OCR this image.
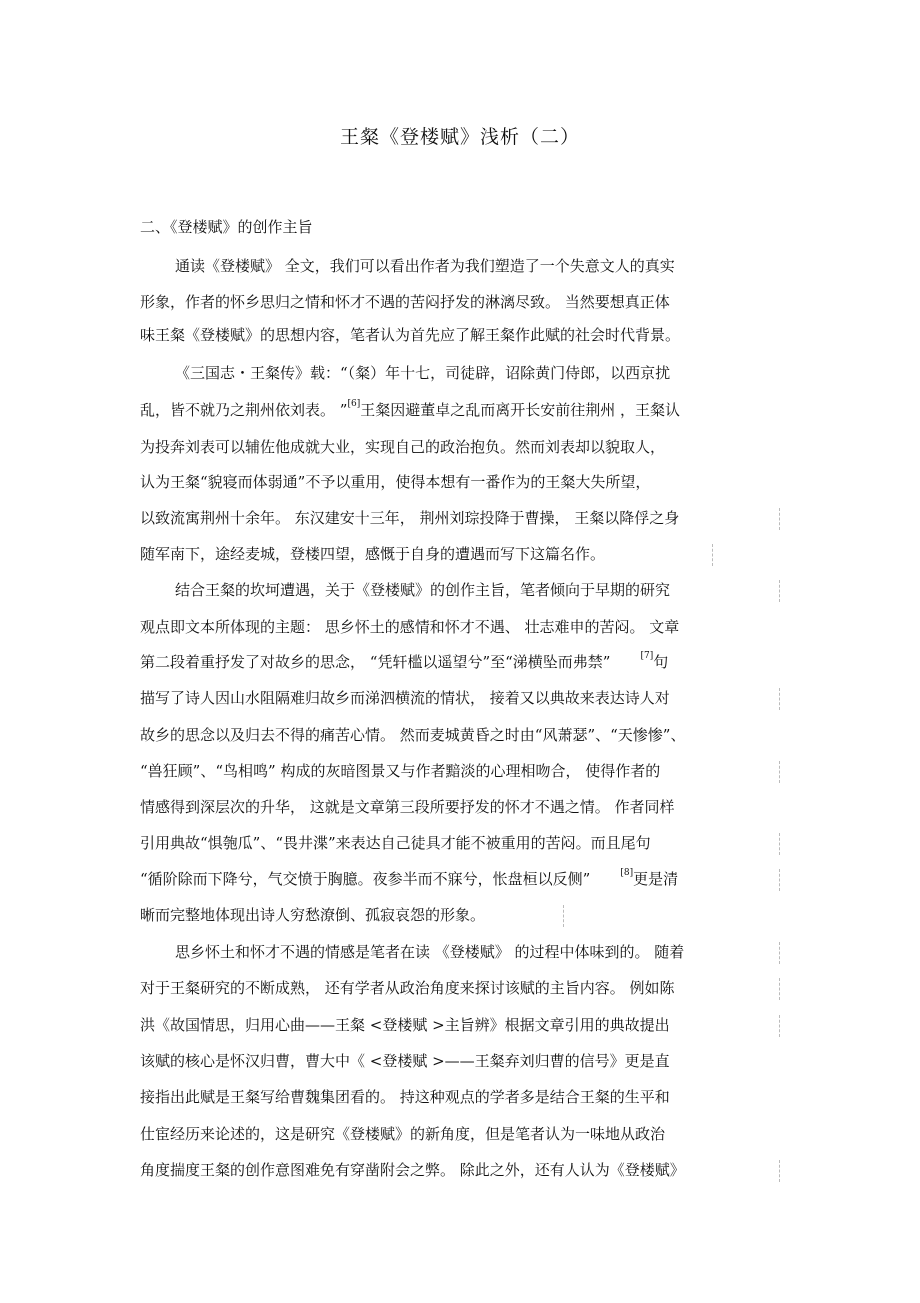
王粲《登楼赋》浅析（二）
二、《登楼赋》的创作主旨
通读《登楼赋》 全文，我们可以看出作者为我们塑造了一个失意文人的真实
形象，作者的怀乡思归之情和怀才不遇的苦闷抒发的淋漓尽致。 当然要想真正体
味王粲《登楼赋》的思想内容，笔者认为首先应了解王粲作此赋的社会时代背景。
《三国志・王粲传》载：“（粲）年十七，司徒辟，诏除黄门侍郎，以西京扰
乱，皆不就乃之荆州依刘表。 ”[6]王粲因避董卓之乱而离开长安前往荆州 ，王粲认
为投奔刘表可以辅佐他成就大业，实现自己的政治抱负。然而刘表却以貌取人，
认为王粲“貌寝而体弱通”不予以重用，使得本想有一番作为的王粲大失所望，
以致流寓荆州十余年。 东汉建安十三年， 荆州刘琮投降于曹操， 王粲以降俘之身
随军南下，途经麦城，登楼四望，感慨于自身的遭遇而写下这篇名作。
结合王粲的坎坷遭遇，关于《登楼赋》的创作主旨，笔者倾向于早期的研究
观点即文本所体现的主题： 思乡怀土的感情和怀才不遇、 壮志难申的苦闷。 文章
第二段着重抒发了对故乡的思念， “凭轩槛以遥望兮”至“涕横坠而弗禁”  	[7]句
描写了诗人因山水阻隔难归故乡而涕泗横流的情状， 接着又以典故来表达诗人对
故乡的思念以及归去不得的痛苦心情。 然而麦城黄昏之时由“风萧瑟”、“天惨惨”、
“兽狂顾”、“鸟相鸣” 构成的灰暗图景又与作者黯淡的心理相吻合， 使得作者的
情感得到深层次的升华， 这就是文章第三段所要抒发的怀才不遇之情。 作者同样
引用典故“惧匏瓜”、“畏井渫”来表达自己徒具才能不被重用的苦闷。而且尾句
“循阶除而下降兮，气交愤于胸臆。夜参半而不寐兮，怅盘桓以反侧”  	[8]更是清
晰而完整地体现出诗人穷愁潦倒、孤寂哀怨的形象。
思乡怀土和怀才不遇的情感是笔者在读 《登楼赋》 的过程中体味到的。 随着
对于王粲研究的不断成熟， 还有学者从政治角度来探讨该赋的主旨内容。 例如陈
洪《故国情思，归用心曲——王粲 <登楼赋 >主旨辨》根据文章引用的典故提出
该赋的核心是怀汉归曹，曹大中《 <登楼赋 >——王粲弃刘归曹的信号》更是直
接指出此赋是王粲写给曹魏集团看的。 持这种观点的学者多是结合王粲的生平和
仕宦经历来论述的，这是研究《登楼赋》的新角度，但是笔者认为一味地从政治
角度揣度王粲的创作意图难免有穿凿附会之弊。 除此之外，还有人认为《登楼赋》
